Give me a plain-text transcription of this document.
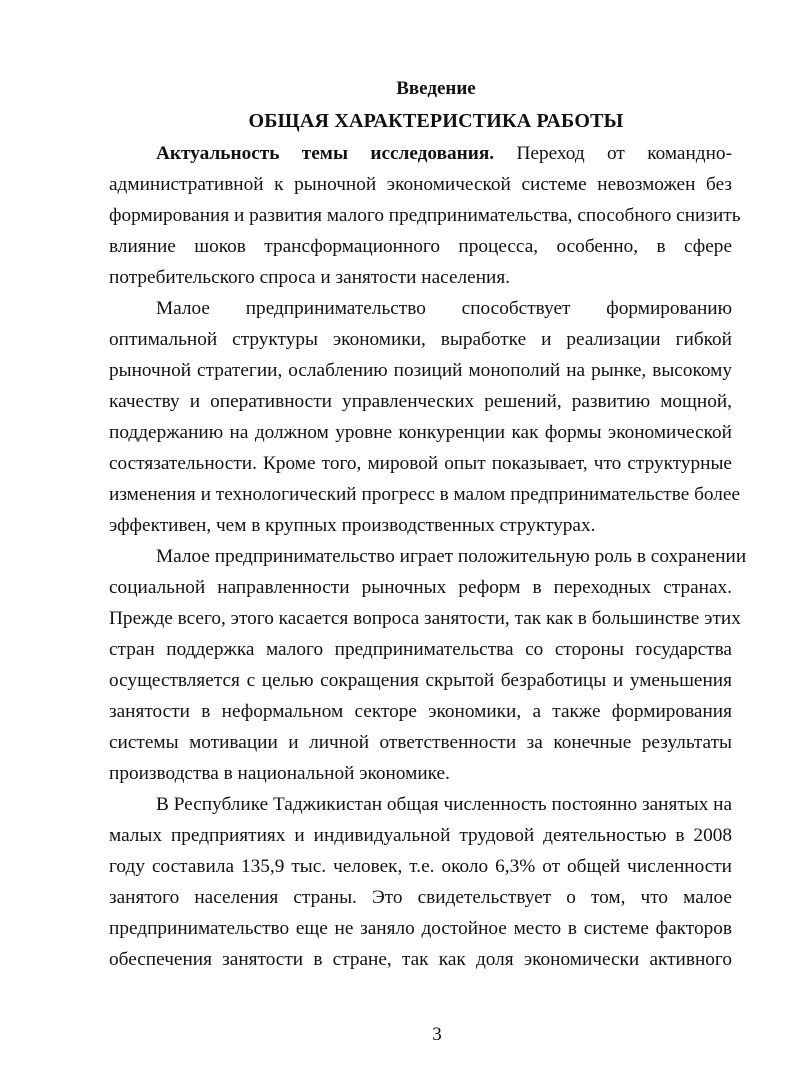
Введение
ОБЩАЯ ХАРАКТЕРИСТИКА РАБОТЫ

Актуальность темы исследования. Переход от командно-

административной к рыночной экономической системе невозможен без

формирования и развития малого предпринимательства, способного снизить

влияние шоков трансформационного процесса, особенно, в сфере

потребительского спроса и занятости населения.

Малое предпринимательство способствует формированию

оптимальной структуры экономики, выработке и реализации гибкой

рыночной стратегии, ослаблению позиций монополий на рынке, высокому

качеству и оперативности управленческих решений, развитию мощной,

поддержанию на должном уровне конкуренции как формы экономической

состязательности. Кроме того, мировой опыт показывает, что структурные

изменения и технологический прогресс в малом предпринимательстве более

эффективен, чем в крупных производственных структурах.

Малое предпринимательство играет положительную роль в сохранении

социальной направленности рыночных реформ в переходных странах.

Прежде всего, этого касается вопроса занятости, так как в большинстве этих

стран поддержка малого предпринимательства со стороны государства

осуществляется с целью сокращения скрытой безработицы и уменьшения

занятости в неформальном секторе экономики, а также формирования

системы мотивации и личной ответственности за конечные результаты

производства в национальной экономике.

В Республике Таджикистан общая численность постоянно занятых на

малых предприятиях и индивидуальной трудовой деятельностью в 2008

году составила 135,9 тыс. человек, т.е. около 6,3% от общей численности

занятого населения страны. Это свидетельствует о том, что малое

предпринимательство еще не заняло достойное место в системе факторов

обеспечения занятости в стране, так как доля экономически активного

3
